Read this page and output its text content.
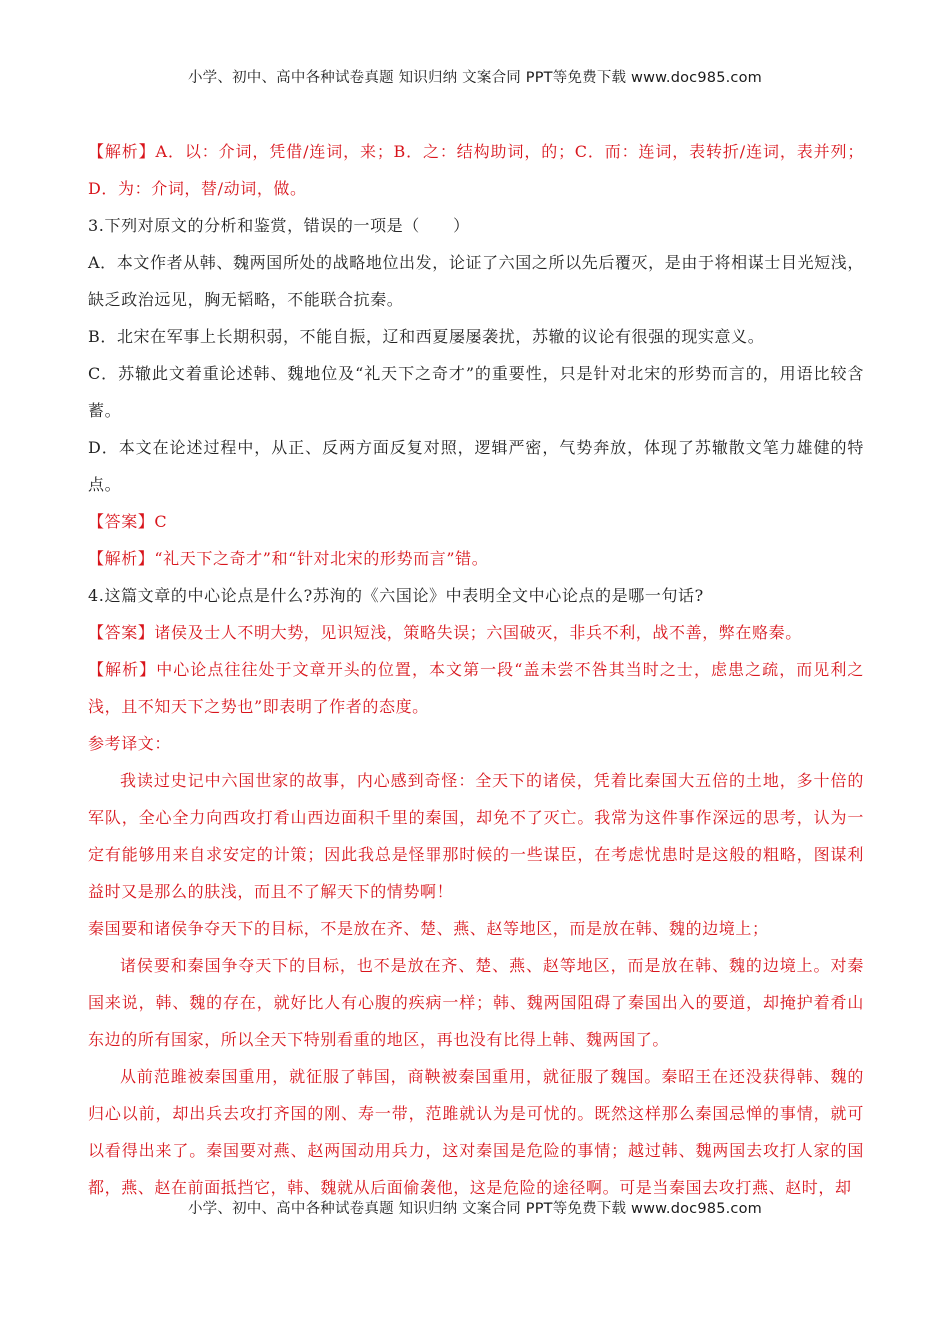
小学、初中、高中各种试卷真题 知识归纳 文案合同 PPT等免费下载 www.doc985.com

【解析】A．以：介词，凭借/连词，来；B．之：结构助词，的；C．而：连词，表转折/连词，表并列；D．为：介词，替/动词，做。

3.下列对原文的分析和鉴赏，错误的一项是（　　）

A．本文作者从韩、魏两国所处的战略地位出发，论证了六国之所以先后覆灭，是由于将相谋士目光短浅，缺乏政治远见，胸无韬略，不能联合抗秦。

B．北宋在军事上长期积弱，不能自振，辽和西夏屡屡袭扰，苏辙的议论有很强的现实意义。

C．苏辙此文着重论述韩、魏地位及“礼天下之奇才”的重要性，只是针对北宋的形势而言的，用语比较含蓄。

D．本文在论述过程中，从正、反两方面反复对照，逻辑严密，气势奔放，体现了苏辙散文笔力雄健的特点。

【答案】C

【解析】“礼天下之奇才”和“针对北宋的形势而言”错。

4.这篇文章的中心论点是什么?苏洵的《六国论》中表明全文中心论点的是哪一句话?

【答案】诸侯及士人不明大势，见识短浅，策略失误；六国破灭，非兵不利，战不善，弊在赂秦。

【解析】中心论点往往处于文章开头的位置，本文第一段“盖未尝不咎其当时之士，虑患之疏，而见利之浅，且不知天下之势也”即表明了作者的态度。

参考译文：

我读过史记中六国世家的故事，内心感到奇怪：全天下的诸侯，凭着比秦国大五倍的土地，多十倍的军队，全心全力向西攻打肴山西边面积千里的秦国，却免不了灭亡。我常为这件事作深远的思考，认为一定有能够用来自求安定的计策；因此我总是怪罪那时候的一些谋臣，在考虑忧患时是这般的粗略，图谋利益时又是那么的肤浅，而且不了解天下的情势啊！

秦国要和诸侯争夺天下的目标，不是放在齐、楚、燕、赵等地区，而是放在韩、魏的边境上；

诸侯要和秦国争夺天下的目标，也不是放在齐、楚、燕、赵等地区，而是放在韩、魏的边境上。对秦国来说，韩、魏的存在，就好比人有心腹的疾病一样；韩、魏两国阻碍了秦国出入的要道，却掩护着肴山东边的所有国家，所以全天下特别看重的地区，再也没有比得上韩、魏两国了。

从前范雎被秦国重用，就征服了韩国，商鞅被秦国重用，就征服了魏国。秦昭王在还没获得韩、魏的归心以前，却出兵去攻打齐国的刚、寿一带，范雎就认为是可忧的。既然这样那么秦国忌惮的事情，就可以看得出来了。秦国要对燕、赵两国动用兵力，这对秦国是危险的事情；越过韩、魏两国去攻打人家的国都，燕、赵在前面抵挡它，韩、魏就从后面偷袭他，这是危险的途径啊。可是当秦国去攻打燕、赵时，却

小学、初中、高中各种试卷真题 知识归纳 文案合同 PPT等免费下载 www.doc985.com
